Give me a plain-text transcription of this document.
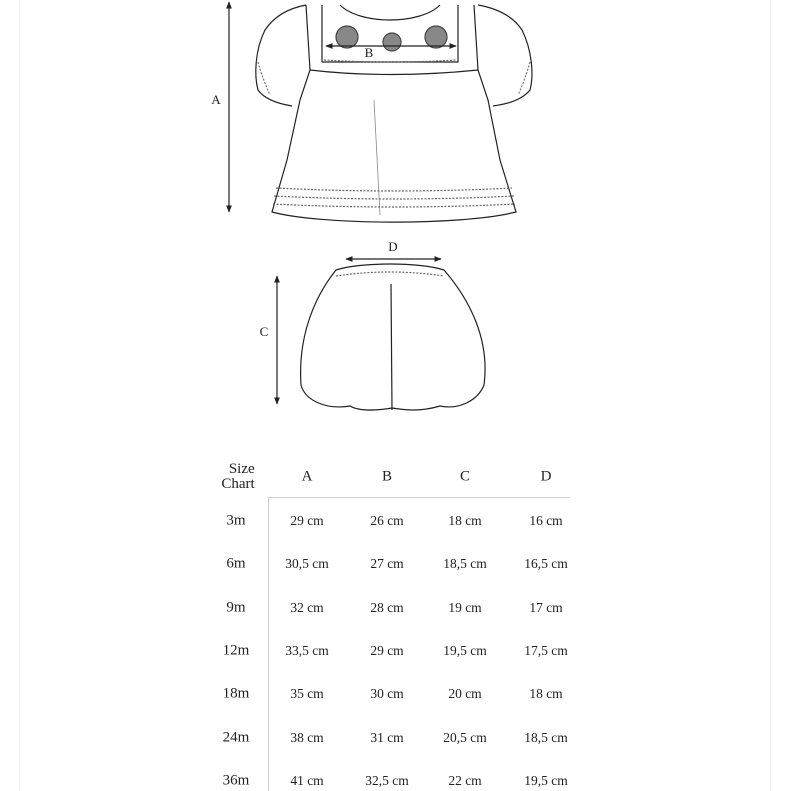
A
B
D
C
Size
Chart	A	B	C	D
3m	29 cm	26 cm	18 cm	16 cm
6m	30,5 cm	27 cm	18,5 cm	16,5 cm
9m	32 cm	28 cm	19 cm	17 cm
12m	33,5 cm	29 cm	19,5 cm	17,5 cm
18m	35 cm	30 cm	20 cm	18 cm
24m	38 cm	31 cm	20,5 cm	18,5 cm
36m	41 cm	32,5 cm	22 cm	19,5 cm
